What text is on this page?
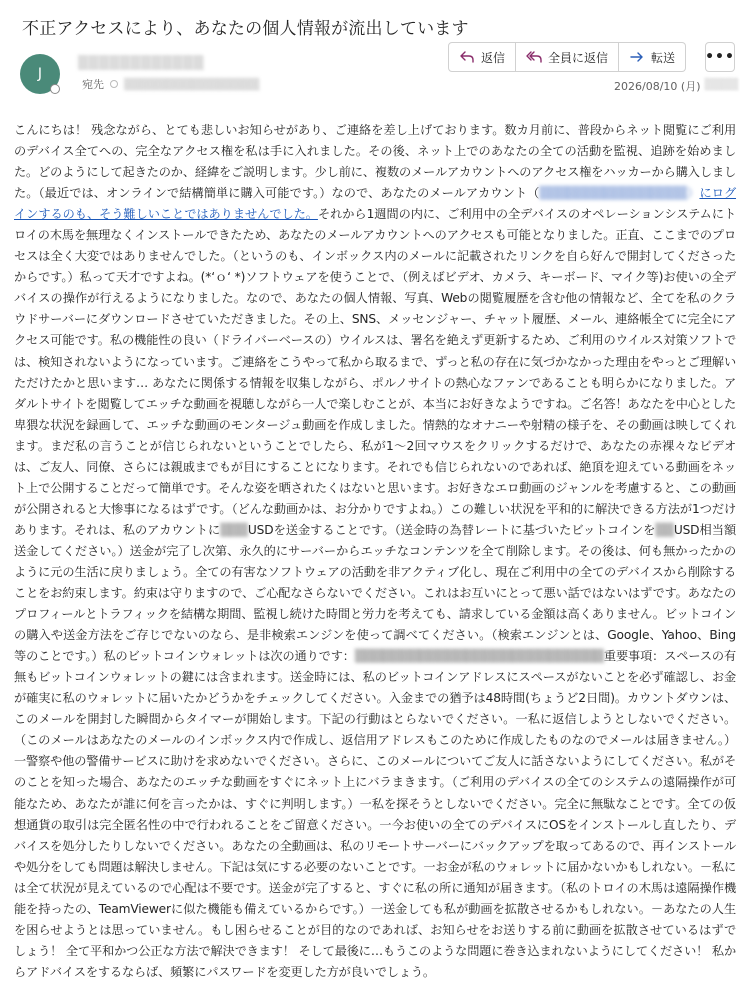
不正アクセスにより、あなたの個人情報が流出しています
J
▒▒▒▒▒▒▒▒▒▒▒▒
宛先 ▒▒▒▒▒▒▒▒▒▒▒▒▒▒▒▒
返信	全員に返信	転送 •••
2026/08/10 (月) ▒▒▒▒
こんにちは！ 残念ながら、とても悲しいお知らせがあり、ご連絡を差し上げております。数カ月前に、普段からネット閲覧にご利用のデバイス全てへの、完全なアクセス権を私は手に入れました。その後、ネット上でのあなたの全ての活動を監視、追跡を始めました。どのようにして起きたのか、経緯をご説明します。少し前に、複数のメールアカウントへのアクセス権をハッカーから購入しました。（最近では、オンラインで結構簡単に購入可能です。）なので、あなたのメールアカウント（▒▒▒▒▒▒▒▒▒▒▒▒▒▒▒▒）にログインするのも、そう難しいことではありませんでした。それから1週間の内に、ご利用中の全デバイスのオペレーションシステムにトロイの木馬を無理なくインストールできたため、あなたのメールアカウントへのアクセスも可能となりました。正直、ここまでのプロセスは全く大変ではありませんでした。（というのも、インボックス内のメールに記載されたリンクを自ら好んで開封してくださったからです。）私って天才ですよね。(*‘ｏ‘ *)ソフトウェアを使うことで、（例えばビデオ、カメラ、キーボード、マイク等)お使いの全デバイスの操作が行えるようになりました。なので、あなたの個人情報、写真、Webの閲覧履歴を含む他の情報など、全てを私のクラウドサーバーにダウンロードさせていただきました。その上、SNS、メッセンジャー、チャット履歴、メール、連絡帳全てに完全にアクセス可能です。私の機能性の良い（ドライバーベースの）ウイルスは、署名を絶えず更新するため、ご利用のウイルス対策ソフトでは、検知されないようになっています。ご連絡をこうやって私から取るまで、ずっと私の存在に気づかなかった理由をやっとご理解いただけたかと思います… あなたに関係する情報を収集しながら、ポルノサイトの熱心なファンであることも明らかになりました。アダルトサイトを閲覧してエッチな動画を視聴しながら一人で楽しむことが、本当にお好きなようですね。ご名答！あなたを中心とした卑猥な状況を録画して、エッチな動画のモンタージュ動画を作成しました。情熱的なオナニーや射精の様子を、その動画は映してくれます。まだ私の言うことが信じられないということでしたら、私が1～2回マウスをクリックするだけで、あなたの赤裸々なビデオは、ご友人、同僚、さらには親戚までもが目にすることになります。それでも信じられないのであれば、絶頂を迎えている動画をネット上で公開することだって簡単です。そんな姿を晒されたくはないと思います。お好きなエロ動画のジャンルを考慮すると、この動画が公開されると大惨事になるはずです。（どんな動画かは、お分かりですよね。）この難しい状況を平和的に解決できる方法が1つだけあります。それは、私のアカウントに▒▒▒USDを送金することです。（送金時の為替レートに基づいたビットコインを▒▒USD相当額送金してください。）送金が完了し次第、永久的にサーバーからエッチなコンテンツを全て削除します。その後は、何も無かったかのように元の生活に戻りましょう。全ての有害なソフトウェアの活動を非アクティブ化し、現在ご利用中の全てのデバイスから削除することをお約束します。約束は守りますので、ご心配なさらないでください。これはお互いにとって悪い話ではないはずです。あなたのプロフィールとトラフィックを結構な期間、監視し続けた時間と労力を考えても、請求している金額は高くありません。ビットコインの購入や送金方法をご存じでないのなら、是非検索エンジンを使って調べてください。（検索エンジンとは、Google、Yahoo、Bing等のことです。）私のビットコインウォレットは次の通りです：▒▒▒▒▒▒▒▒▒▒▒▒▒▒▒▒▒▒▒▒▒▒▒▒▒▒▒重要事項：スペースの有無もビットコインウォレットの鍵には含まれます。送金時には、私のビットコインアドレスにスペースがないことを必ず確認し、お金が確実に私のウォレットに届いたかどうかをチェックしてください。入金までの猶予は48時間(ちょうど2日間)。カウントダウンは、このメールを開封した瞬間からタイマーが開始します。下記の行動はとらないでください。一私に返信しようとしないでください。（このメールはあなたのメールのインボックス内で作成し、返信用アドレスもこのために作成したものなのでメールは届きません。）一警察や他の警備サービスに助けを求めないでください。さらに、このメールについてご友人に話さないようにしてください。私がそのことを知った場合、あなたのエッチな動画をすぐにネット上にバラまきます。（ご利用のデバイスの全てのシステムの遠隔操作が可能なため、あなたが誰に何を言ったかは、すぐに判明します。）一私を探そうとしないでください。完全に無駄なことです。全ての仮想通貨の取引は完全匿名性の中で行われることをご留意ください。一今お使いの全てのデバイスにOSをインストールし直したり、デバイスを処分したりしないでください。あなたの全動画は、私のリモートサーバーにバックアップを取ってあるので、再インストールや処分をしても問題は解決しません。下記は気にする必要のないことです。一お金が私のウォレットに届かないかもしれない。－私には全て状況が見えているので心配は不要です。送金が完了すると、すぐに私の所に通知が届きます。（私のトロイの木馬は遠隔操作機能を持ったの、TeamViewerに似た機能も備えているからです。）一送金しても私が動画を拡散させるかもしれない。－あなたの人生を困らせようとは思っていません。もし困らせることが目的なのであれば、お知らせをお送りする前に動画を拡散させているはずでしょう！ 全て平和かつ公正な方法で解決できます！ そして最後に…もうこのような問題に巻き込まれないようにしてください！ 私からアドバイスをするならば、頻繁にパスワードを変更した方が良いでしょう。
